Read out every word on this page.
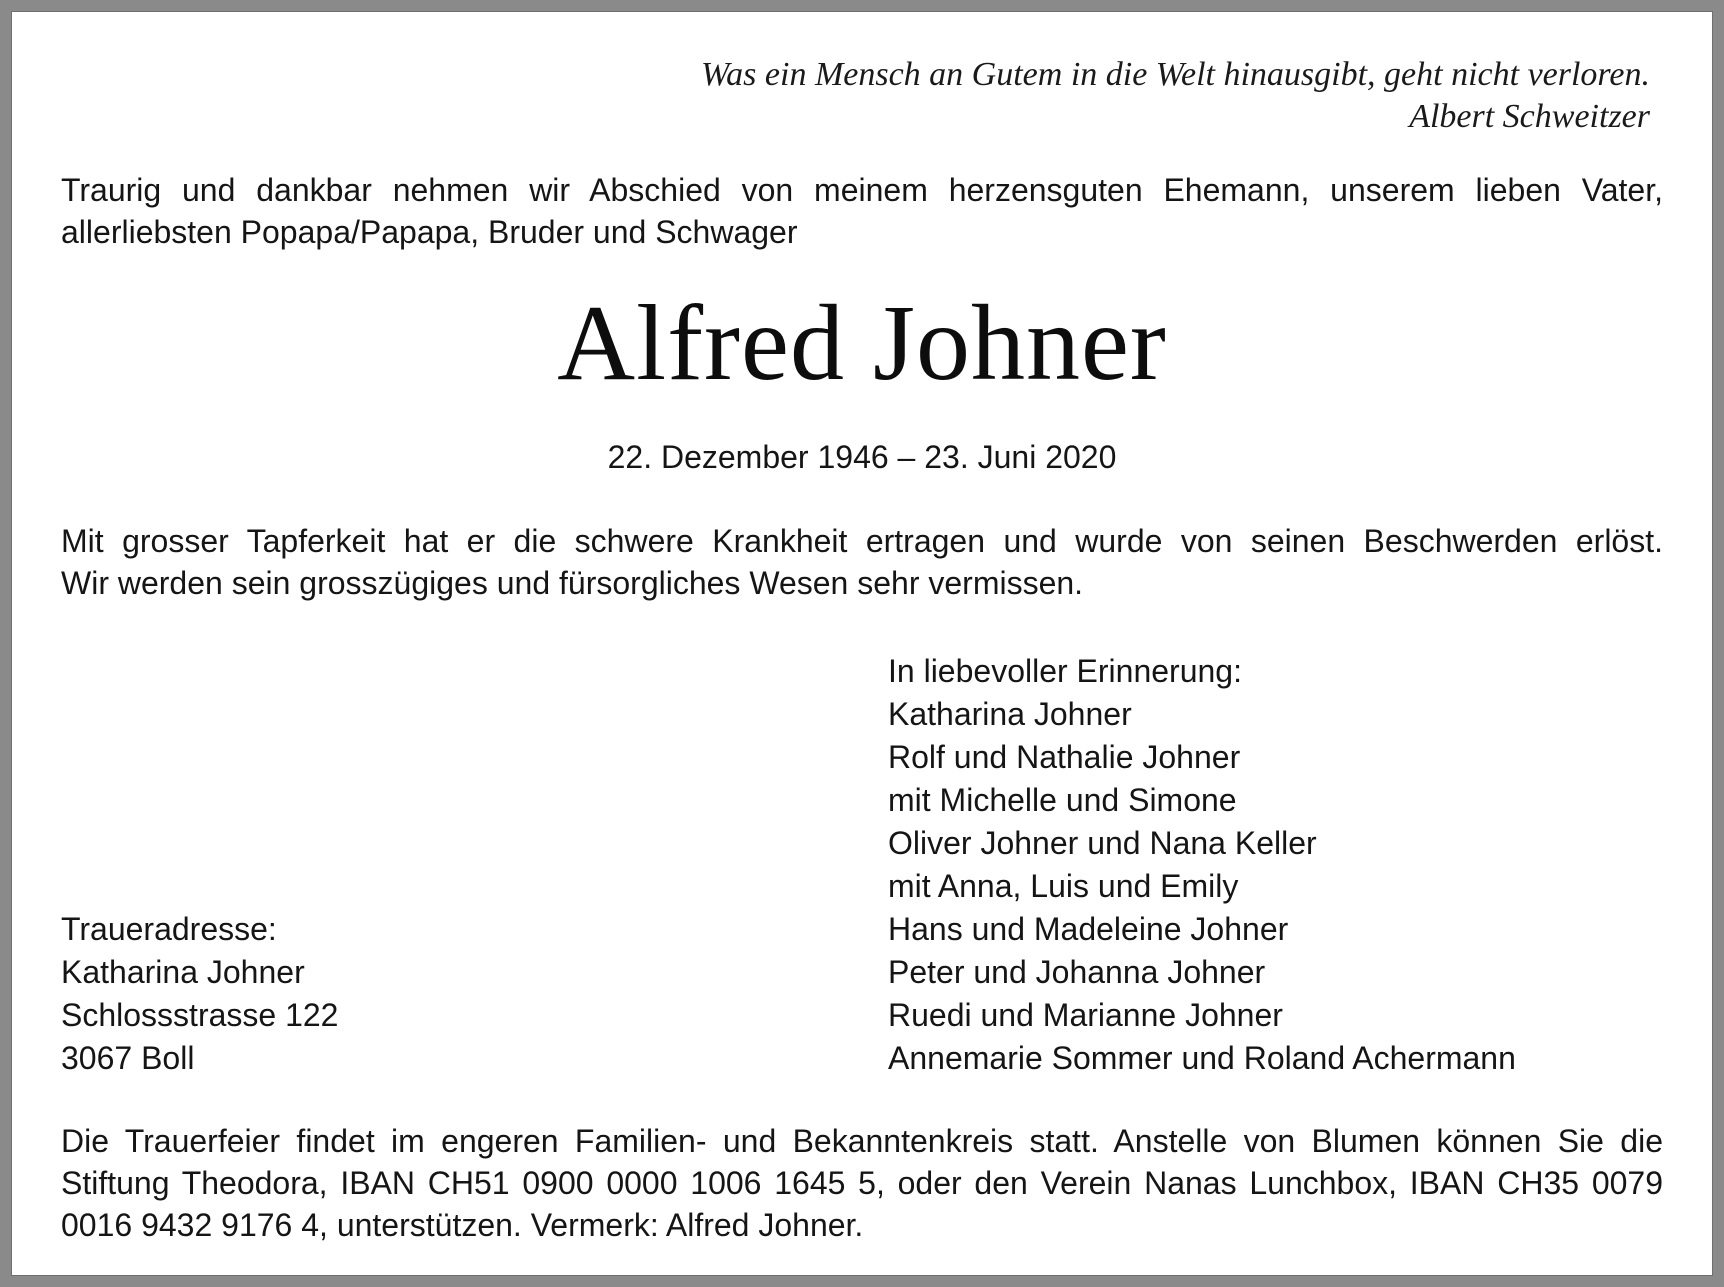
Was ein Mensch an Gutem in die Welt hinausgibt, geht nicht verloren.
Albert Schweitzer
Traurig und dankbar nehmen wir Abschied von meinem herzensguten Ehemann, unserem lieben Vater,
allerliebsten Popapa/Papapa, Bruder und Schwager
Alfred Johner
22. Dezember 1946 – 23. Juni 2020
Mit grosser Tapferkeit hat er die schwere Krankheit ertragen und wurde von seinen Beschwerden erlöst.
Wir werden sein grosszügiges und fürsorgliches Wesen sehr vermissen.
In liebevoller Erinnerung:
Katharina Johner
Rolf und Nathalie Johner
mit Michelle und Simone
Oliver Johner und Nana Keller
mit Anna, Luis und Emily
Hans und Madeleine Johner
Peter und Johanna Johner
Ruedi und Marianne Johner
Annemarie Sommer und Roland Achermann
Traueradresse:
Katharina Johner
Schlossstrasse 122
3067 Boll
Die Trauerfeier findet im engeren Familien- und Bekanntenkreis statt. Anstelle von Blumen können Sie die
Stiftung Theodora, IBAN CH51 0900 0000 1006 1645 5, oder den Verein Nanas Lunchbox, IBAN CH35 0079
0016 9432 9176 4, unterstützen. Vermerk: Alfred Johner.
